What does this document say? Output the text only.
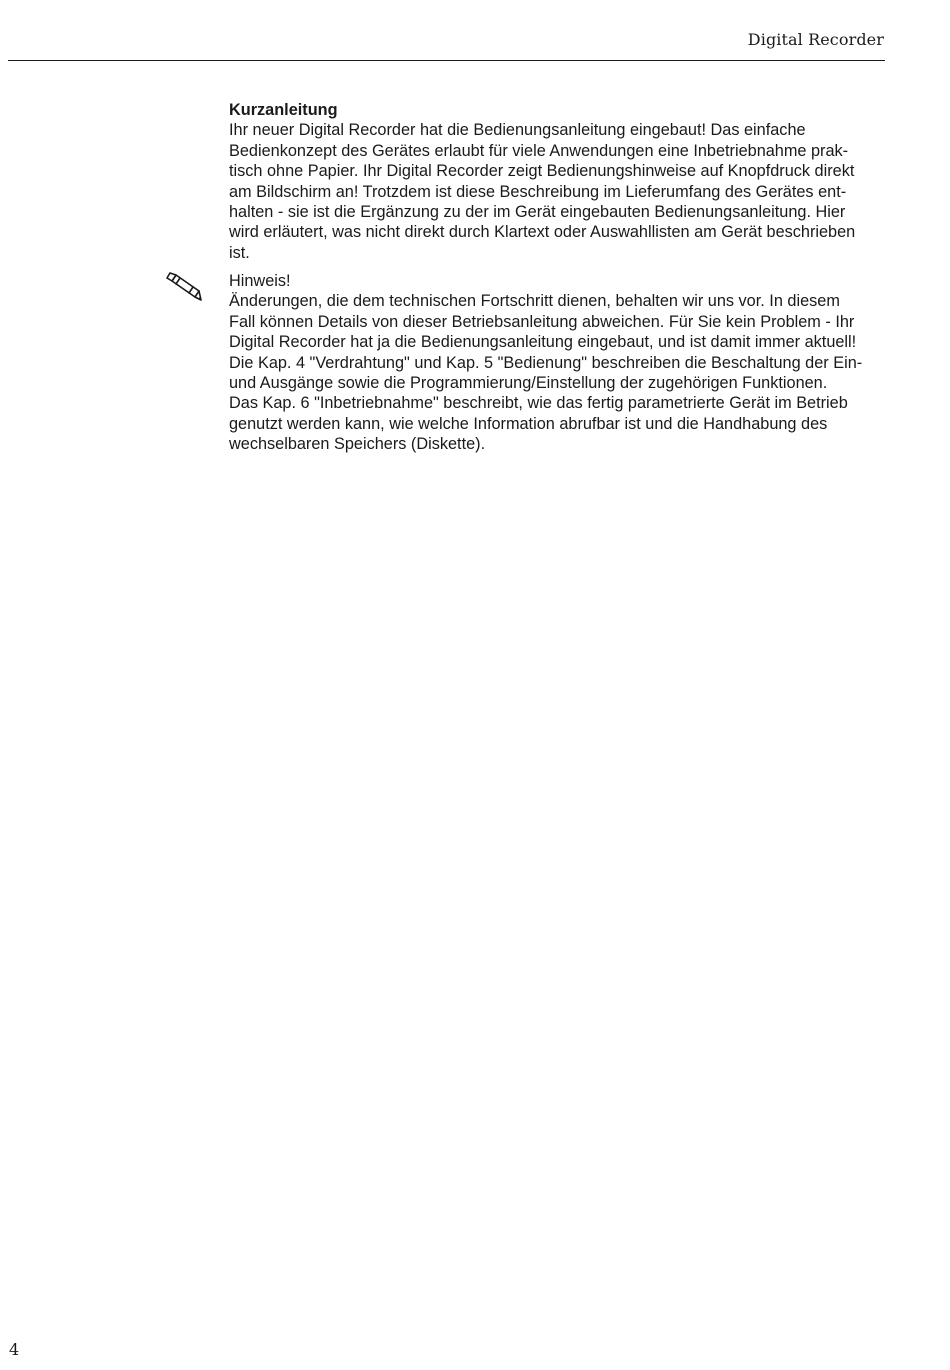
Digital Recorder
Kurzanleitung
Ihr neuer Digital Recorder hat die Bedienungsanleitung eingebaut! Das einfache
Bedienkonzept des Gerätes erlaubt für viele Anwendungen eine Inbetriebnahme prak-
tisch ohne Papier. Ihr Digital Recorder zeigt Bedienungshinweise auf Knopfdruck direkt
am Bildschirm an! Trotzdem ist diese Beschreibung im Lieferumfang des Gerätes ent-
halten - sie ist die Ergänzung zu der im Gerät eingebauten Bedienungsanleitung. Hier
wird erläutert, was nicht direkt durch Klartext oder Auswahllisten am Gerät beschrieben
ist.
Hinweis!
Änderungen, die dem technischen Fortschritt dienen, behalten wir uns vor. In diesem
Fall können Details von dieser Betriebsanleitung abweichen. Für Sie kein Problem - Ihr
Digital Recorder hat ja die Bedienungsanleitung eingebaut, und ist damit immer aktuell!
Die Kap. 4 "Verdrahtung" und Kap. 5 "Bedienung" beschreiben die Beschaltung der Ein-
und Ausgänge sowie die Programmierung/Einstellung der zugehörigen Funktionen.
Das Kap. 6 "Inbetriebnahme" beschreibt, wie das fertig parametrierte Gerät im Betrieb
genutzt werden kann, wie welche Information abrufbar ist und die Handhabung des
wechselbaren Speichers (Diskette).
4
